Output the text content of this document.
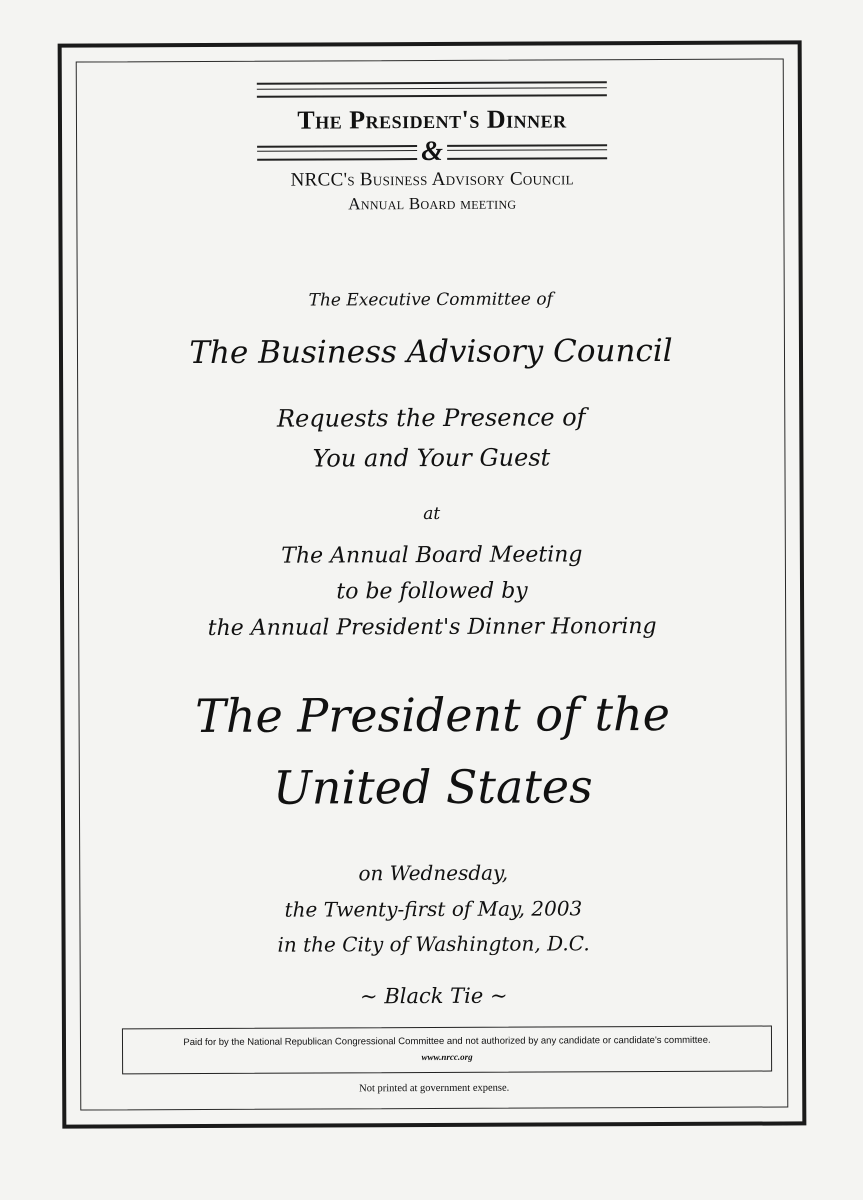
The President's Dinner
&
NRCC's Business Advisory Council
Annual Board meeting
The Executive Committee of
The Business Advisory Council
Requests the Presence of
You and Your Guest
at
The Annual Board Meeting
to be followed by
the Annual President's Dinner Honoring
The President of the
United States
on Wednesday,
the Twenty-first of May, 2003
in the City of Washington, D.C.
~ Black Tie ~
Paid for by the National Republican Congressional Committee and not authorized by any candidate or candidate's committee.
www.nrcc.org
Not printed at government expense.
